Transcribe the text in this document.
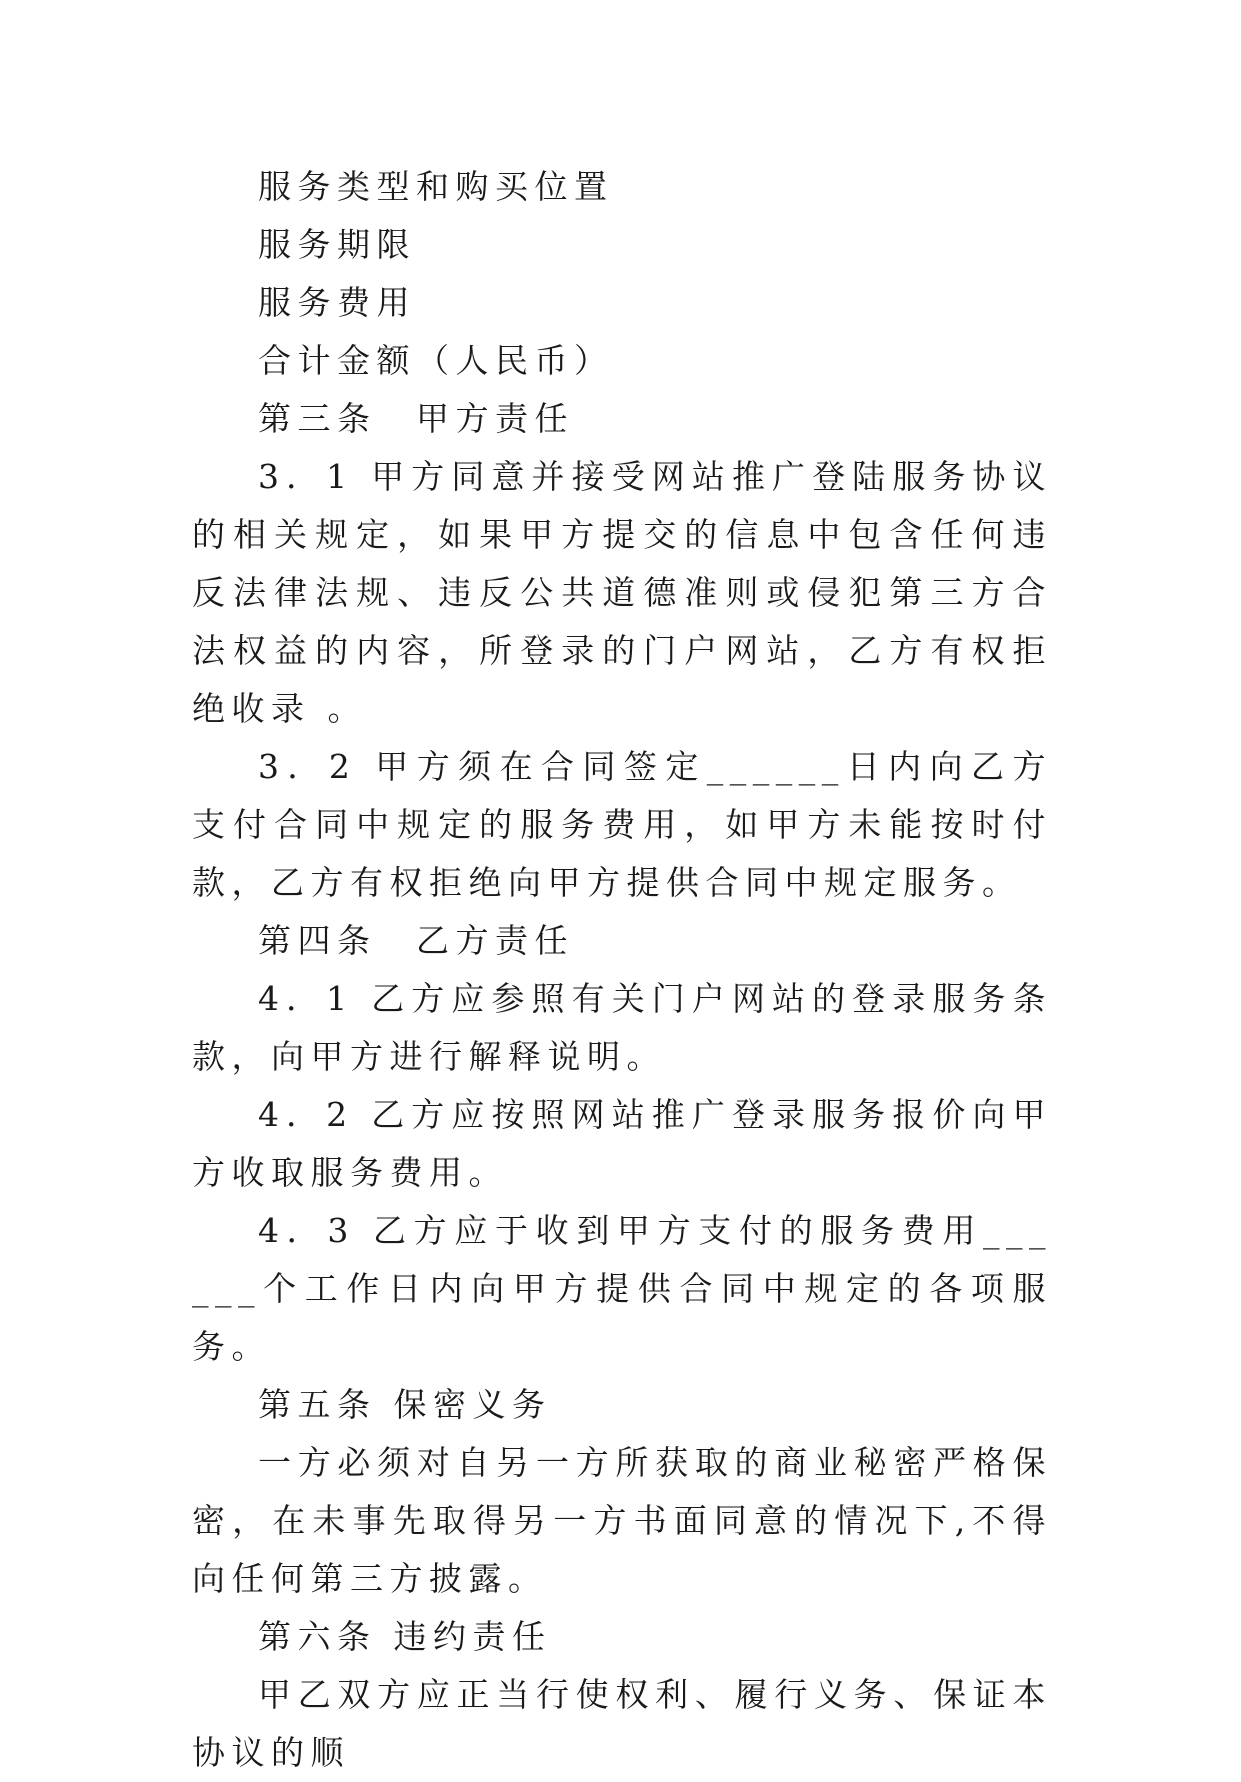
服务类型和购买位置

服务期限

服务费用

合计金额（人民币）

第三条　甲方责任

3．1 甲方同意并接受网站推广登陆服务协议的相关规定，如果甲方提交的信息中包含任何违反法律法规、违反公共道德准则或侵犯第三方合法权益的内容，所登录的门户网站，乙方有权拒绝收录 。

3．2 甲方须在合同签定______日内向乙方支付合同中规定的服务费用，如甲方未能按时付款，乙方有权拒绝向甲方提供合同中规定服务。

第四条　乙方责任

4．1 乙方应参照有关门户网站的登录服务条款，向甲方进行解释说明。

4．2 乙方应按照网站推广登录服务报价向甲方收取服务费用。

4．3 乙方应于收到甲方支付的服务费用______个工作日内向甲方提供合同中规定的各项服务。

第五条 保密义务

一方必须对自另一方所获取的商业秘密严格保密，在未事先取得另一方书面同意的情况下,不得向任何第三方披露。

第六条 违约责任

甲乙双方应正当行使权利、履行义务、保证本协议的顺
